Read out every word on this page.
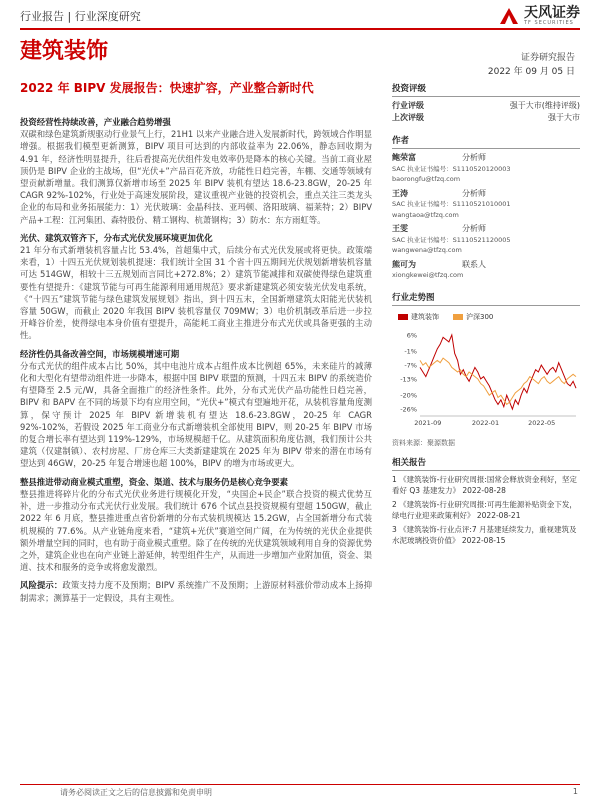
行业报告 | 行业深度研究	天风证券
TF SECURITIES
建筑装饰	证券研究报告
2022 年 09 月 05 日
2022 年 BIPV 发展报告：快速扩容，产业整合新时代

投资经营性持续改善，产业融合趋势增强
双碳和绿色建筑新规驱动行业景气上行，21H1 以来产业融合进入发展新时代，跨领域合作明显增强。根据我们模型更新测算，BIPV 项目可达到的内部收益率为 22.06%，静态回收期为 4.91 年，经济性明显提升，往后看提高光伏组件发电效率仍是降本的核心关键。当前工商业屋顶仍是 BIPV 企业的主战场，但“光伏+”产品百花齐放，功能性日趋完善，车棚、交通等领域有望贡献新增量。我们测算仅新增市场至 2025 年 BIPV 装机有望达 18.6-23.8GW，20-25 年 CAGR 92%-102%，行业处于高速发展阶段，建议重视产业链的投资机会，重点关注三类龙头企业的布局和业务拓展能力：1）光伏玻璃：金晶科技、亚玛顿、洛阳玻璃、福莱特；2）BIPV 产品+工程：江河集团、森特股份、精工钢构、杭萧钢构；3）防水：东方雨虹等。

光伏、建筑双管齐下，分布式光伏发展环境更加优化
21 年分布式新增装机容量占比 53.4%，首超集中式，后续分布式光伏发展或将更快。政策端来看，1）十四五光伏规划装机提速：我们统计全国 31 个省十四五期间光伏规划新增装机容量可达 514GW，相较十三五规划而言同比+272.8%；2）建筑节能减排和双碳使得绿色建筑重要性有望提升：《建筑节能与可再生能源利用通用规范》要求新建建筑必须安装光伏发电系统，《“十四五”建筑节能与绿色建筑发展规划》指出，到十四五末，全国新增建筑太阳能光伏装机容量 50GW，而截止 2020 年我国 BIPV 装机容量仅 709MW；3）电价机制改革后进一步拉开峰谷价差，使得绿电本身价值有望提升，高能耗工商业主推进分布式光伏或具备更强的主动性。

经济性仍具备改善空间，市场规模增速可期
分布式光伏的组件成本占比 50%，其中电池片成本占组件成本比例超 65%，未来硅片的减薄化和大型化有望带动组件进一步降本，根据中国 BIPV 联盟的预测，十四五末 BIPV 的系统造价有望降至 2.5 元/W，具备全面推广的经济性条件。此外，分布式光伏产品功能性日趋完善，BIPV 和 BAPV 在不同的场景下均有应用空间，“光伏+”模式有望遍地开花，从装机容量角度测算，保守预计 2025 年 BIPV 新增装机有望达 18.6-23.8GW，20-25 年 CAGR 92%-102%，若假设 2025 年工商业分布式新增装机全部使用 BIPV，则 20-25 年 BIPV 市场的复合增长率有望达到 119%-129%，市场规模超千亿。从建筑面积角度估测，我们预计公共建筑（仅建制镇）、农村房屋、厂房仓库三大类新建建筑在 2025 年为 BIPV 带来的潜在市场有望达到 46GW，20-25 年复合增速也超 100%，BIPV 的增为市场或更大。

整县推进带动商业模式重塑，资金、渠道、技术与服务仍是核心竞争要素
整县推进将碎片化的分布式光伏业务进行规模化开发，“央国企+民企”联合投资的模式优势互补，进一步推动分布式光伏行业发展。我们统计 676 个试点县投资规模有望超 150GW，截止 2022 年 6 月底，整县推进重点省份新增的分布式装机规模达 15.2GW，占全国新增分布式装机规模的 77.6%。从产业链角度来看，“建筑+光伏”赛道空间广阔，在为传统的光伏企业提供额外增量空间的同时，也有助于商业模式重塑。除了在传统的光伏建筑领域利用自身的资源优势之外，建筑企业也在向产业链上游延伸，转型组件生产，从而进一步增加产业附加值，资金、渠道、技术和服务的竞争或将愈发激烈。

风险提示：政策支持力度不及预期；BIPV 系统推广不及预期；上游原材料涨价带动成本上扬抑制需求；测算基于一定假设，具有主观性。

投资评级
行业评级	强于大市(维持评级)
上次评级	强于大市
作者
鲍荣富	分析师
SAC 执业证书编号：S1110520120003
baorongfu@tfzq.com
王涛	分析师
SAC 执业证书编号：S1110521010001
wangtaoa@tfzq.com
王雯	分析师
SAC 执业证书编号：S1110521120005
wangwena@tfzq.com
熊可为	联系人
xiongkewei@tfzq.com
行业走势图
建筑装饰	沪深300
6%
-1%
-7%
-13%
-20%
-26%
2021-09	2022-01	2022-05
资料来源：聚源数据
相关报告
1 《建筑装饰-行业研究周报:国常会释放资金利好，坚定看好 Q3 基建发力》 2022-08-28
2 《建筑装饰-行业研究周报:可再生能源补贴资金下发，绿电行业迎来政策利好》 2022-08-21
3 《建筑装饰-行业点评:7 月基建延续发力，重视建筑及水泥玻璃投资价值》 2022-08-15
请务必阅读正文之后的信息披露和免责申明	1
